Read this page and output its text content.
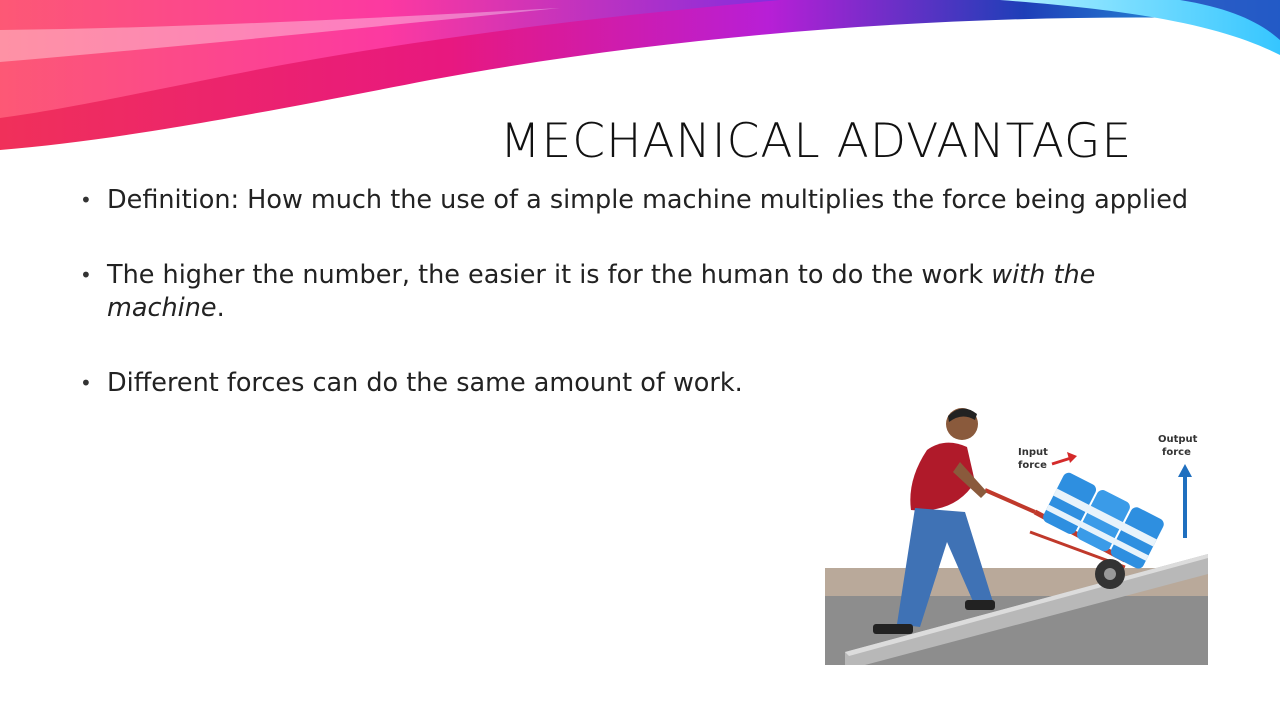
MECHANICAL ADVANTAGE
• Definition: How much the use of a simple machine multiplies the force being applied
• The higher the number, the easier it is for the human to do the work with the machine.
• Different forces can do the same amount of work.
Input
force
Output
force
